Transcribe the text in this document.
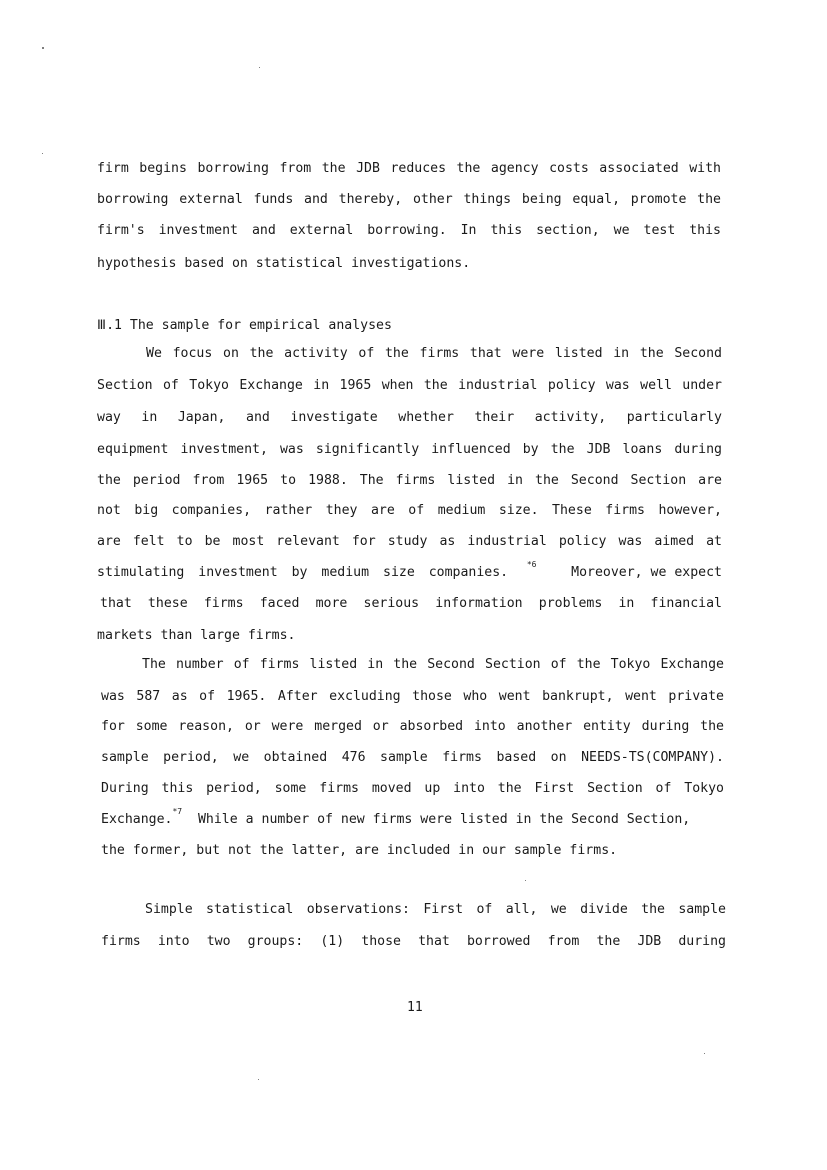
firm begins borrowing from the JDB reduces the agency costs associated with
borrowing external funds and thereby, other things being equal, promote the
firm's investment and external borrowing. In this section, we test this
hypothesis based on statistical investigations.
Ⅲ.1 The sample for empirical analyses
We focus on the activity of the firms that were listed in the Second
Section of Tokyo Exchange in 1965 when the industrial policy was well under
way in Japan, and investigate whether their activity, particularly
equipment investment, was significantly influenced by the JDB loans during
the period from 1965 to 1988. The firms listed in the Second Section are
not big companies, rather they are of medium size. These firms however,
are felt to be most relevant for study as industrial policy was aimed at
stimulating investment by medium size companies.
*6
Moreover, we expect
that these firms faced more serious information problems in financial
markets than large firms.
The number of firms listed in the Second Section of the Tokyo Exchange
was 587 as of 1965. After excluding those who went bankrupt, went private
for some reason, or were merged or absorbed into another entity during the
sample period, we obtained 476 sample firms based on NEEDS-TS(COMPANY).
During this period, some firms moved up into the First Section of Tokyo
Exchange.
*7
While a number of new firms were listed in the Second Section,
the former, but not the latter, are included in our sample firms.
Simple statistical observations: First of all, we divide the sample
firms into two groups: (1) those that borrowed from the JDB during
11
